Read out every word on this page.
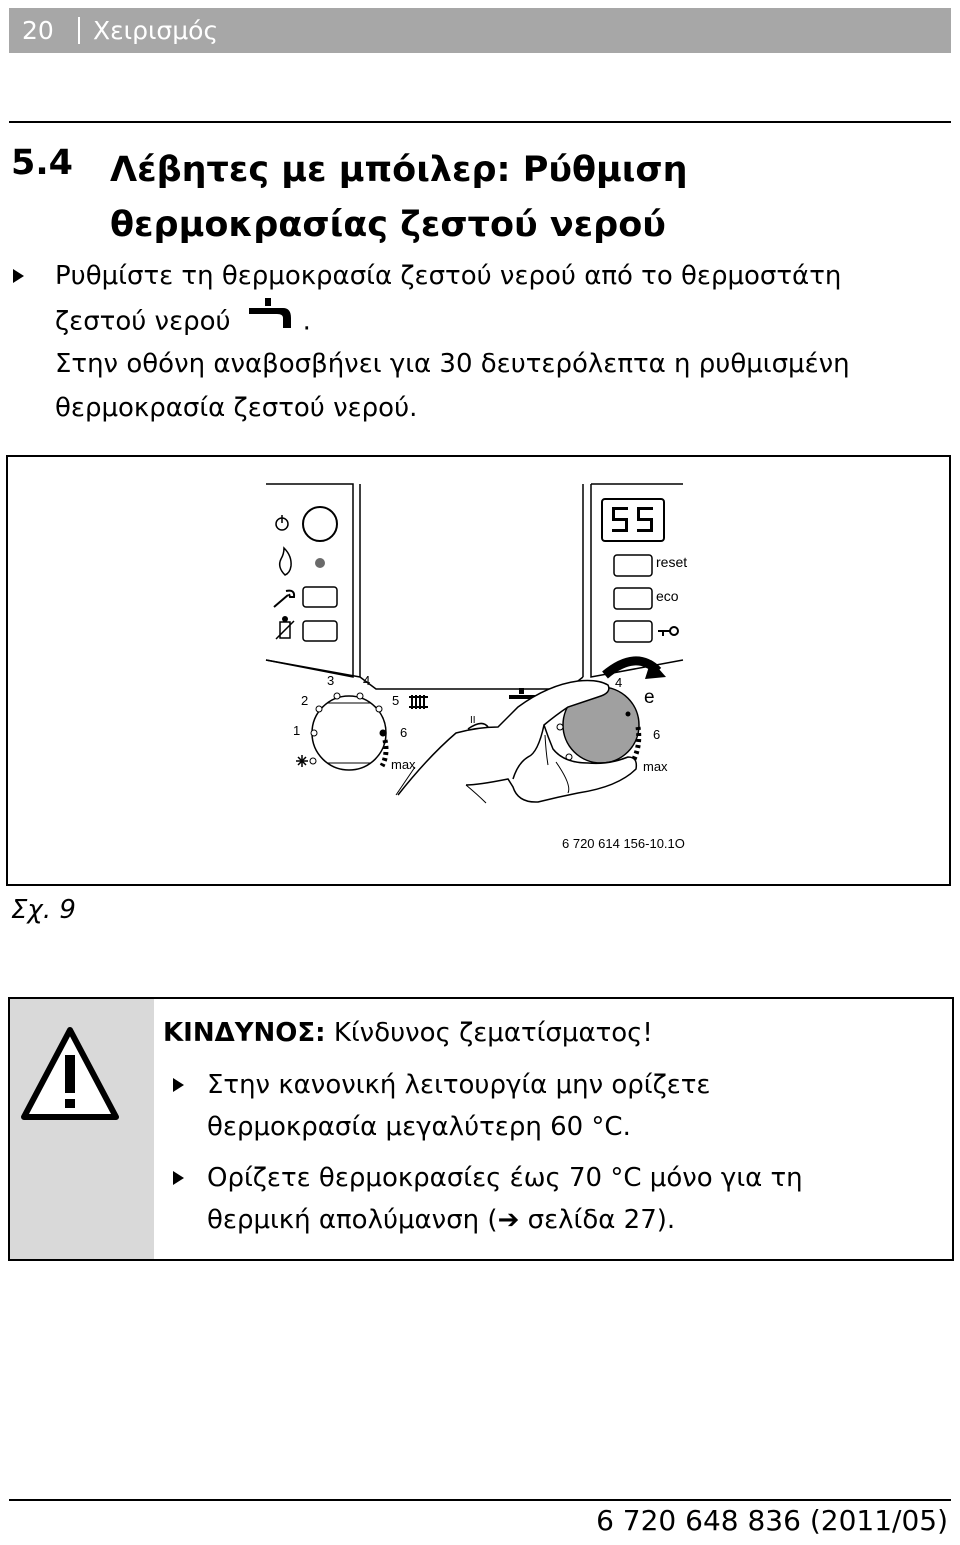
20 Χειρισμός
5.4 Λέβητες με μπόιλερ: Ρύθμιση θερμοκρασίας ζεστού νερού
Ρυθμίστε τη θερμοκρασία ζεστού νερού από το θερμοστάτη
ζεστού νερού	.
Στην οθόνη αναβοσβήνει για 30 δευτερόλεπτα η ρυθμισμένη
θερμοκρασία ζεστού νερού.
reset
eco
1
2
3 4
5
6
max
II
4
e
6
max
6 720 614 156-10.1O
Σχ. 9
ΚΙΝΔΥΝΟΣ: Κίνδυνος ζεματίσματος!
Στην κανονική λειτουργία μην ορίζετε
θερμοκρασία μεγαλύτερη 60 °C.
Ορίζετε θερμοκρασίες έως 70 °C μόνο για τη
θερμική απολύμανση (➔ σελίδα 27).
6 720 648 836 (2011/05)
